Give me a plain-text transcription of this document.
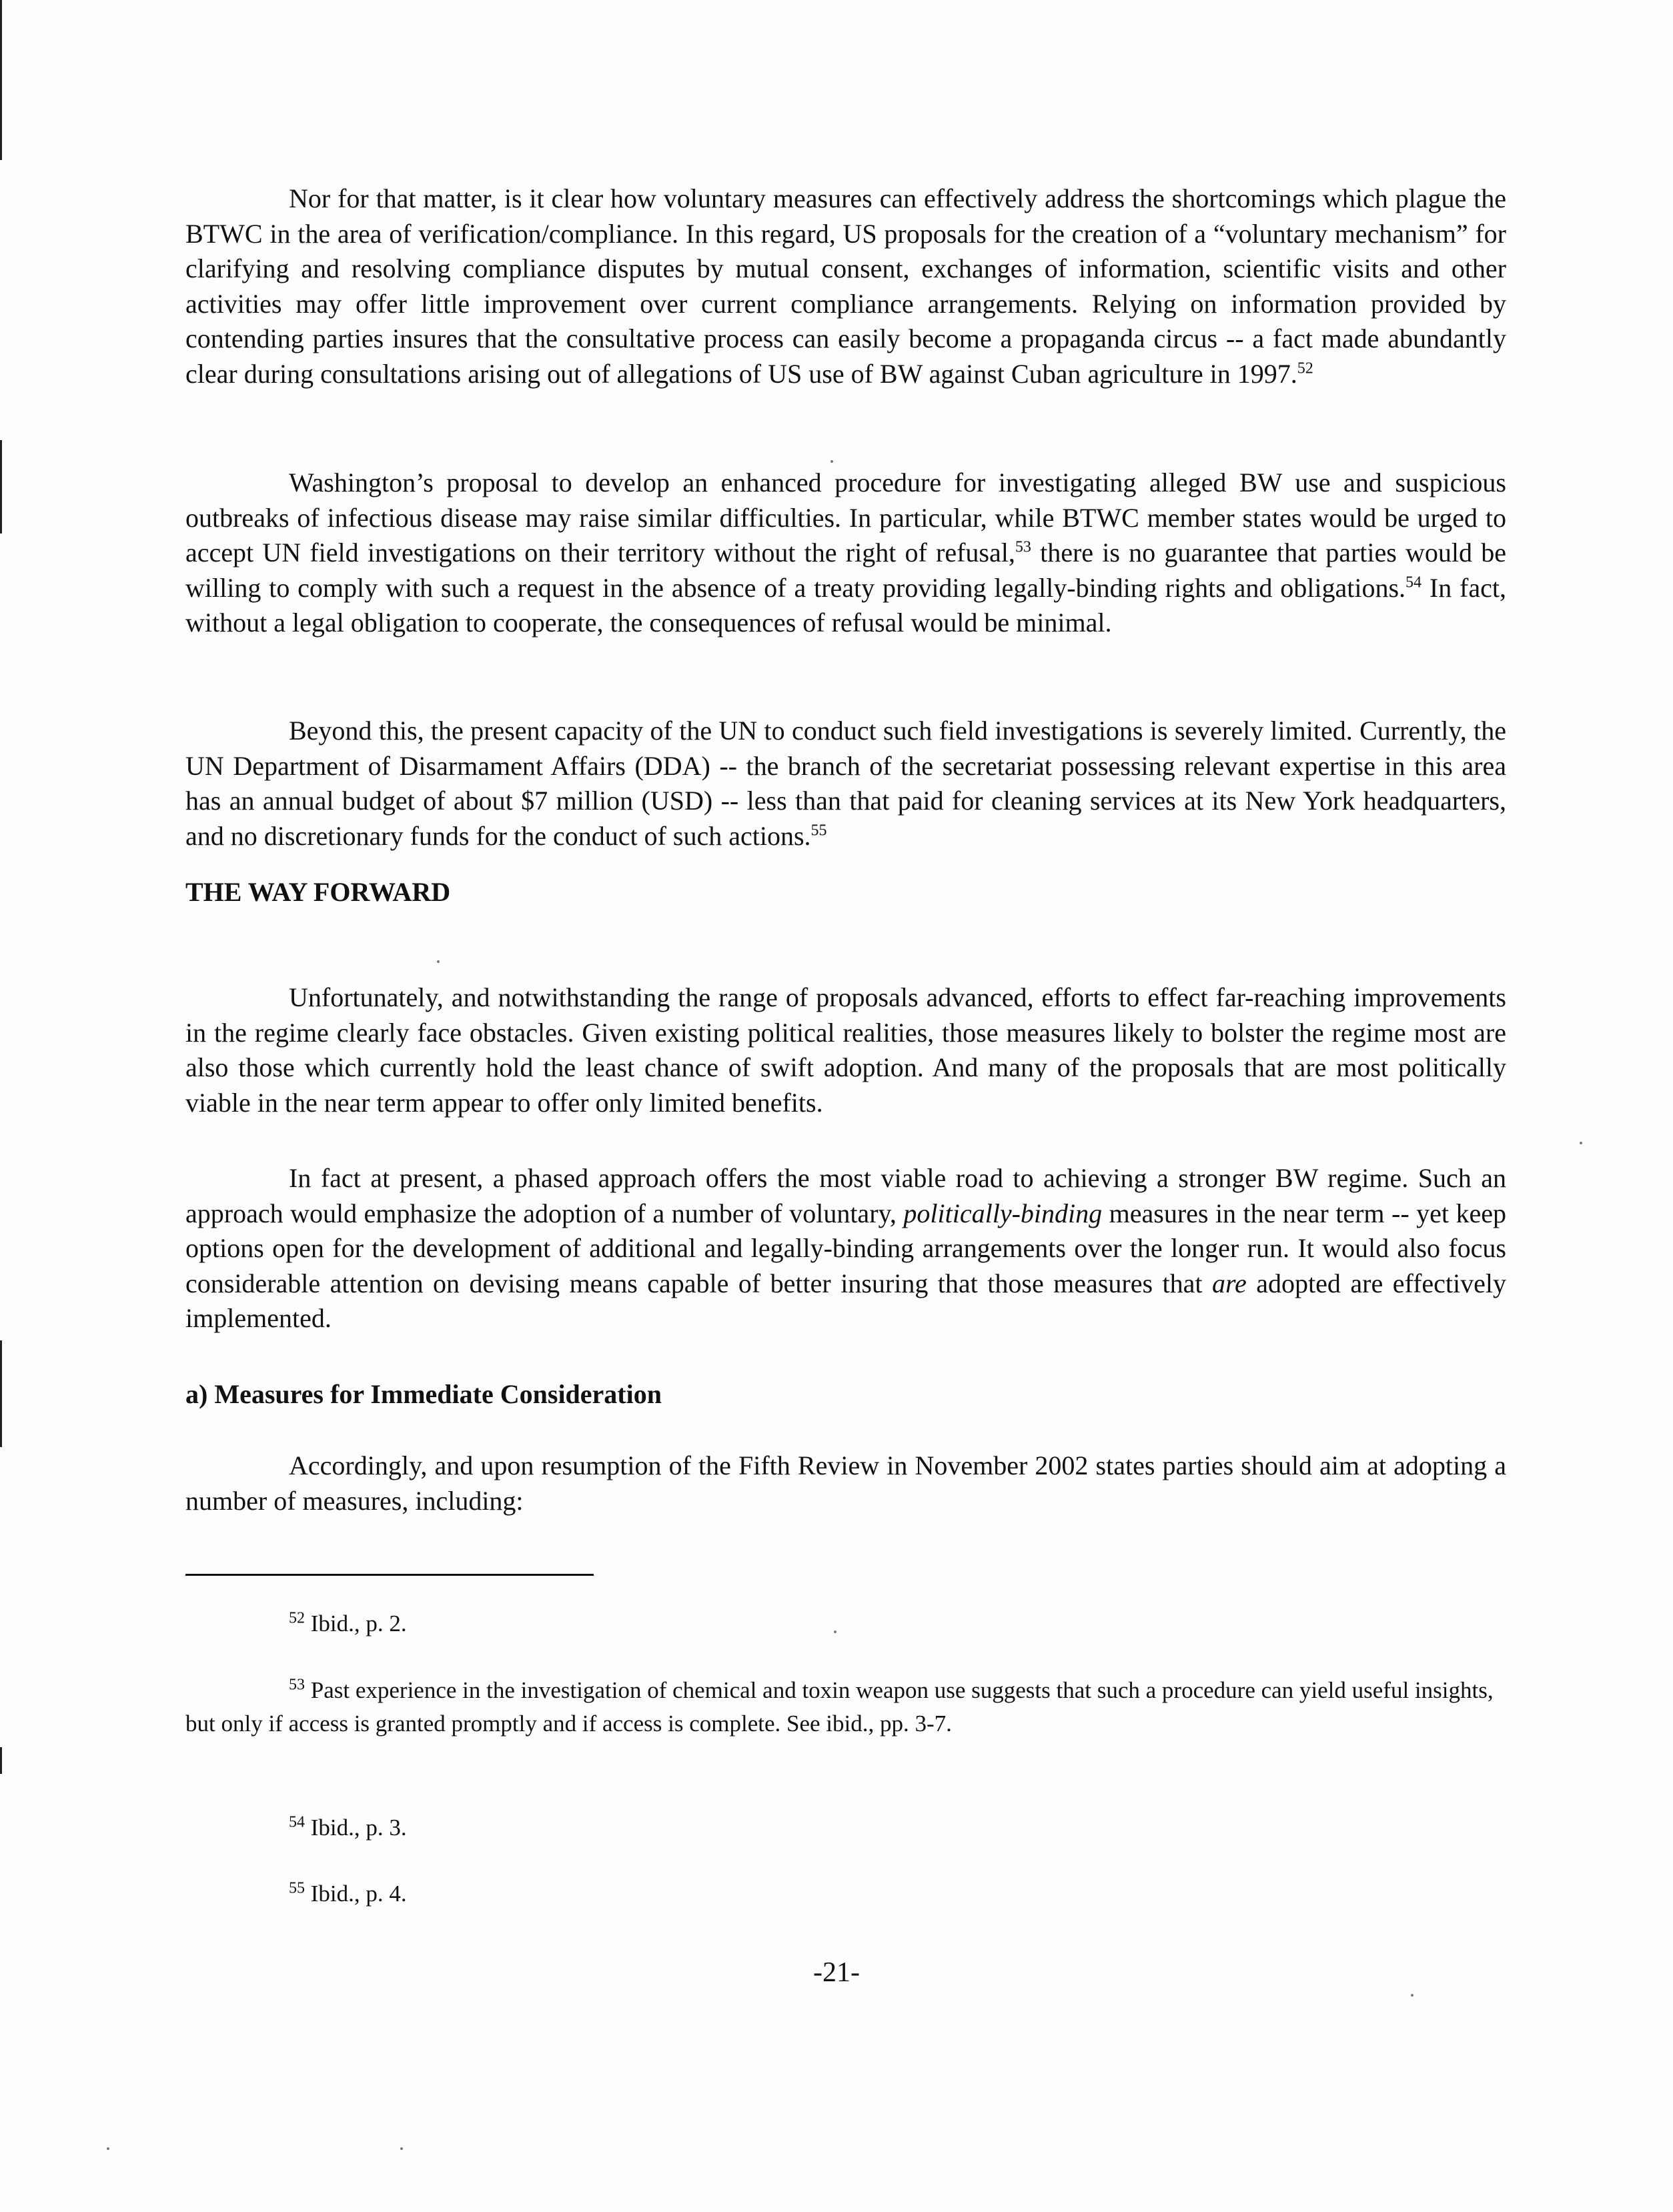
Nor for that matter, is it clear how voluntary measures can effectively address the shortcomings which plague the BTWC in the area of verification/compliance. In this regard, US proposals for the creation of a “voluntary mechanism” for clarifying and resolving compliance disputes by mutual consent, exchanges of information, scientific visits and other activities may offer little improvement over current compliance arrangements. Relying on information provided by contending parties insures that the consultative process can easily become a propaganda circus -- a fact made abundantly clear during consultations arising out of allegations of US use of BW against Cuban agriculture in 1997.52

Washington’s proposal to develop an enhanced procedure for investigating alleged BW use and suspicious outbreaks of infectious disease may raise similar difficulties. In particular, while BTWC member states would be urged to accept UN field investigations on their territory without the right of refusal,$^{53}$ there is no guarantee that parties would be willing to comply with such a request in the absence of a treaty providing legally-binding rights and obligations.$^{54}$ In fact, without a legal obligation to cooperate, the consequences of refusal would be minimal.

Beyond this, the present capacity of the UN to conduct such field investigations is severely limited. Currently, the UN Department of Disarmament Affairs (DDA) -- the branch of the secretariat possessing relevant expertise in this area has an annual budget of about $7 million (USD) -- less than that paid for cleaning services at its New York headquarters, and no discretionary funds for the conduct of such actions.$^{55}$

THE WAY FORWARD

Unfortunately, and notwithstanding the range of proposals advanced, efforts to effect far-reaching improvements in the regime clearly face obstacles. Given existing political realities, those measures likely to bolster the regime most are also those which currently hold the least chance of swift adoption. And many of the proposals that are most politically viable in the near term appear to offer only limited benefits.

In fact at present, a phased approach offers the most viable road to achieving a stronger BW regime. Such an approach would emphasize the adoption of a number of voluntary, politically-binding measures in the near term -- yet keep options open for the development of additional and legally-binding arrangements over the longer run. It would also focus considerable attention on devising means capable of better insuring that those measures that are adopted are effectively implemented.

a) Measures for Immediate Consideration

Accordingly, and upon resumption of the Fifth Review in November 2002 states parties should aim at adopting a number of measures, including:

$^{52}$ Ibid., p. 2.

$^{53}$ Past experience in the investigation of chemical and toxin weapon use suggests that such a procedure can yield useful insights, but only if access is granted promptly and if access is complete. See ibid., pp. 3-7.

$^{54}$ Ibid., p. 3.

$^{55}$ Ibid., p. 4.

-21-
